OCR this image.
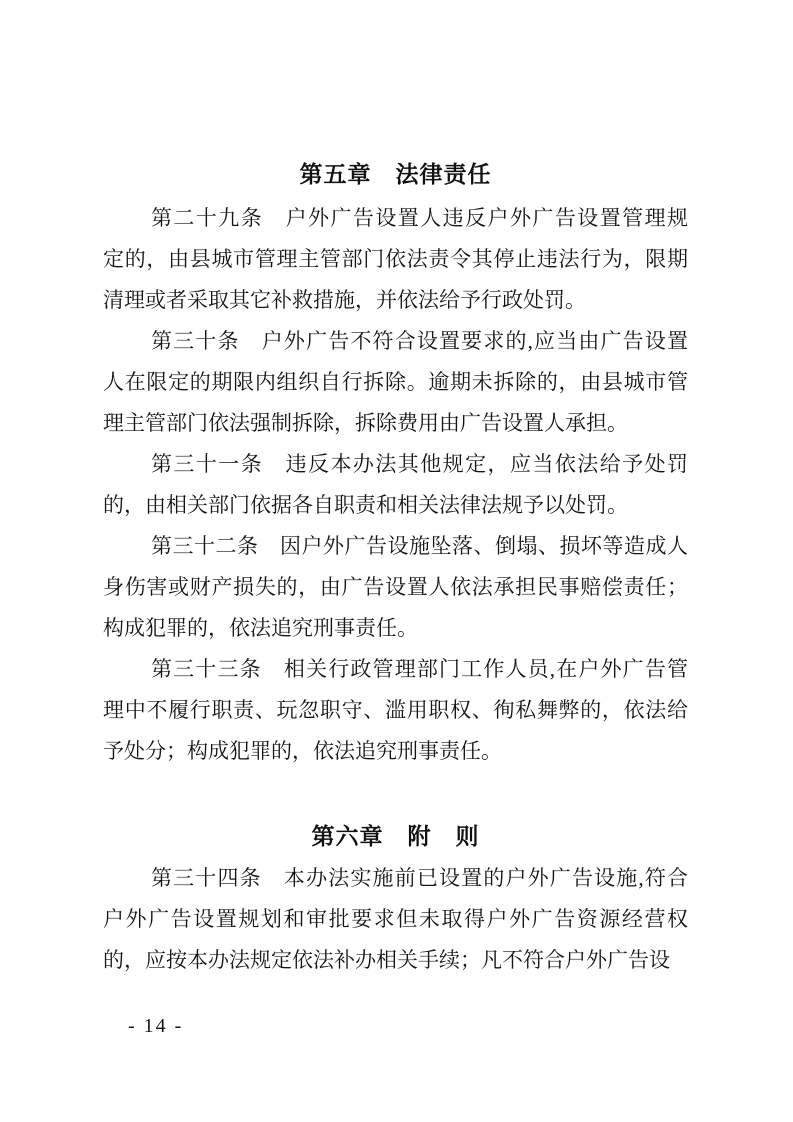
第五章　法律责任
第二十九条　户外广告设置人违反户外广告设置管理规
定的，由县城市管理主管部门依法责令其停止违法行为，限期
清理或者采取其它补救措施，并依法给予行政处罚。
第三十条　户外广告不符合设置要求的,应当由广告设置
人在限定的期限内组织自行拆除。逾期未拆除的，由县城市管
理主管部门依法强制拆除，拆除费用由广告设置人承担。
第三十一条　违反本办法其他规定，应当依法给予处罚
的，由相关部门依据各自职责和相关法律法规予以处罚。
第三十二条　因户外广告设施坠落、倒塌、损坏等造成人
身伤害或财产损失的，由广告设置人依法承担民事赔偿责任；
构成犯罪的，依法追究刑事责任。
第三十三条　相关行政管理部门工作人员,在户外广告管
理中不履行职责、玩忽职守、滥用职权、徇私舞弊的，依法给
予处分；构成犯罪的，依法追究刑事责任。
第六章　附　则
第三十四条　本办法实施前已设置的户外广告设施,符合
户外广告设置规划和审批要求但未取得户外广告资源经营权
的，应按本办法规定依法补办相关手续；凡不符合户外广告设
- 14 -
